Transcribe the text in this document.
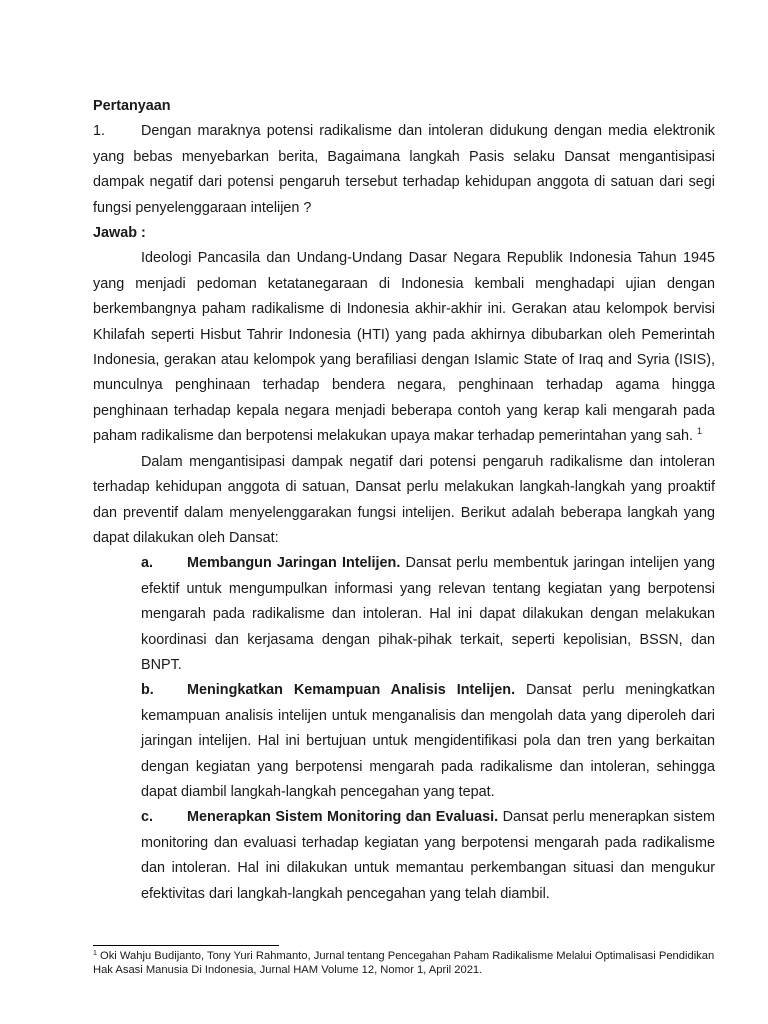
Pertanyaan

1. Dengan maraknya potensi radikalisme dan intoleran didukung dengan media elektronik yang bebas menyebarkan berita, Bagaimana langkah Pasis selaku Dansat mengantisipasi dampak negatif dari potensi pengaruh tersebut terhadap kehidupan anggota di satuan dari segi fungsi penyelenggaraan intelijen ?

Jawab :

Ideologi Pancasila dan Undang-Undang Dasar Negara Republik Indonesia Tahun 1945 yang menjadi pedoman ketatanegaraan di Indonesia kembali menghadapi ujian dengan berkembangnya paham radikalisme di Indonesia akhir-akhir ini. Gerakan atau kelompok bervisi Khilafah seperti Hisbut Tahrir Indonesia (HTI) yang pada akhirnya dibubarkan oleh Pemerintah Indonesia, gerakan atau kelompok yang berafiliasi dengan Islamic State of Iraq and Syria (ISIS), munculnya penghinaan terhadap bendera negara, penghinaan terhadap agama hingga penghinaan terhadap kepala negara menjadi beberapa contoh yang kerap kali mengarah pada paham radikalisme dan berpotensi melakukan upaya makar terhadap pemerintahan yang sah. $^1$

Dalam mengantisipasi dampak negatif dari potensi pengaruh radikalisme dan intoleran terhadap kehidupan anggota di satuan, Dansat perlu melakukan langkah-langkah yang proaktif dan preventif dalam menyelenggarakan fungsi intelijen. Berikut adalah beberapa langkah yang dapat dilakukan oleh Dansat:

a. Membangun Jaringan Intelijen. Dansat perlu membentuk jaringan intelijen yang efektif untuk mengumpulkan informasi yang relevan tentang kegiatan yang berpotensi mengarah pada radikalisme dan intoleran. Hal ini dapat dilakukan dengan melakukan koordinasi dan kerjasama dengan pihak-pihak terkait, seperti kepolisian, BSSN, dan BNPT.

b. Meningkatkan Kemampuan Analisis Intelijen. Dansat perlu meningkatkan kemampuan analisis intelijen untuk menganalisis dan mengolah data yang diperoleh dari jaringan intelijen. Hal ini bertujuan untuk mengidentifikasi pola dan tren yang berkaitan dengan kegiatan yang berpotensi mengarah pada radikalisme dan intoleran, sehingga dapat diambil langkah-langkah pencegahan yang tepat.

c. Menerapkan Sistem Monitoring dan Evaluasi. Dansat perlu menerapkan sistem monitoring dan evaluasi terhadap kegiatan yang berpotensi mengarah pada radikalisme dan intoleran. Hal ini dilakukan untuk memantau perkembangan situasi dan mengukur efektivitas dari langkah-langkah pencegahan yang telah diambil.

$^1$ Oki Wahju Budijanto, Tony Yuri Rahmanto, Jurnal tentang Pencegahan Paham Radikalisme Melalui Optimalisasi Pendidikan Hak Asasi Manusia Di Indonesia, Jurnal HAM Volume 12, Nomor 1, April 2021.
